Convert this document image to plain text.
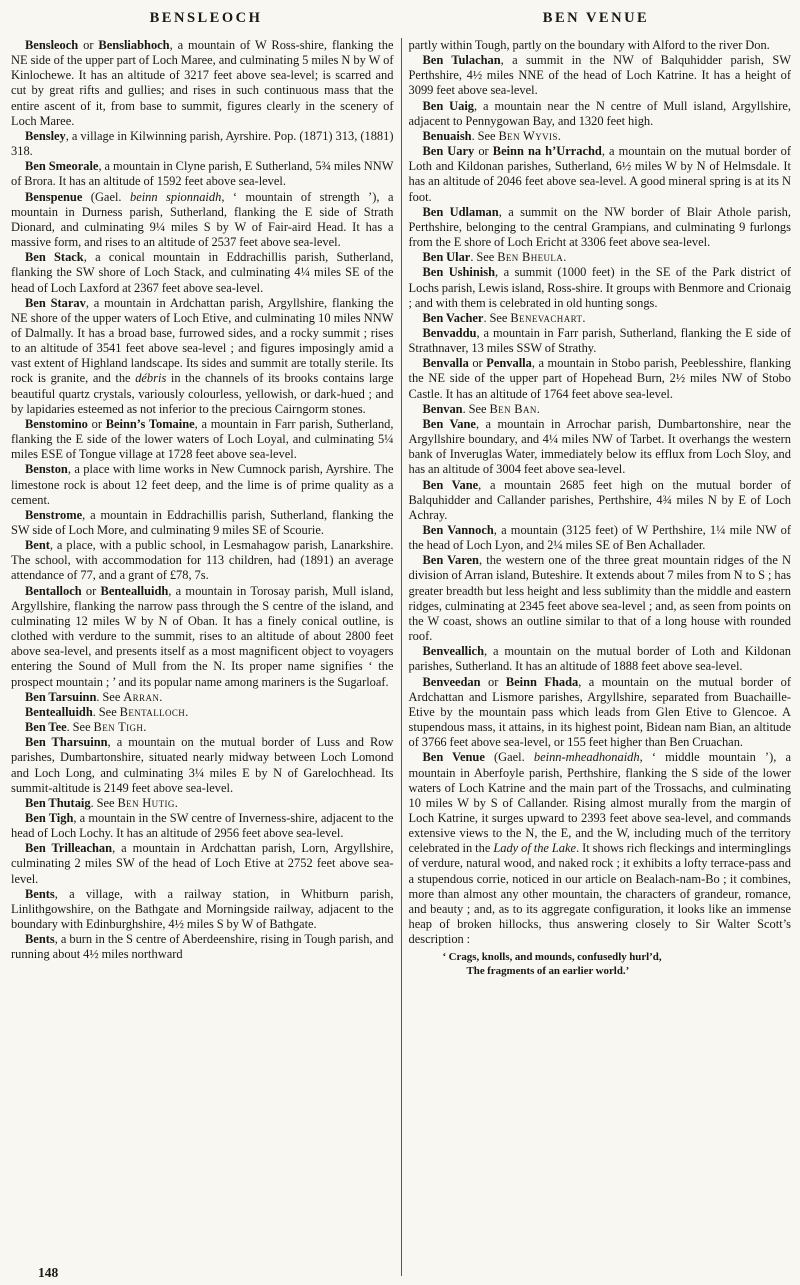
BENSLEOCH	BEN VENUE

Bensleoch or Bensliabhoch, a mountain of W Ross-shire, flanking the NE side of the upper part of Loch Maree, and culminating 5 miles N by W of Kinlochewe. It has an altitude of 3217 feet above sea-level; is scarred and cut by great rifts and gullies; and rises in such continuous mass that the entire ascent of it, from base to summit, figures clearly in the scenery of Loch Maree.

Bensley, a village in Kilwinning parish, Ayrshire. Pop. (1871) 313, (1881) 318.

Ben Smeorale, a mountain in Clyne parish, E Sutherland, 5¾ miles NNW of Brora. It has an altitude of 1592 feet above sea-level.

Benspenue (Gael. beinn spionnaidh, ‘ mountain of strength ’), a mountain in Durness parish, Sutherland, flanking the E side of Strath Dionard, and culminating 9¼ miles S by W of Fair-aird Head. It has a massive form, and rises to an altitude of 2537 feet above sea-level.

Ben Stack, a conical mountain in Eddrachillis parish, Sutherland, flanking the SW shore of Loch Stack, and culminating 4¼ miles SE of the head of Loch Laxford at 2367 feet above sea-level.

Ben Starav, a mountain in Ardchattan parish, Argyllshire, flanking the NE shore of the upper waters of Loch Etive, and culminating 10 miles NNW of Dalmally. It has a broad base, furrowed sides, and a rocky summit ; rises to an altitude of 3541 feet above sea-level ; and figures imposingly amid a vast extent of Highland landscape. Its sides and summit are totally sterile. Its rock is granite, and the débris in the channels of its brooks contains large beautiful quartz crystals, variously colourless, yellowish, or dark-hued ; and by lapidaries esteemed as not inferior to the precious Cairngorm stones.

Benstomino or Beinn’s Tomaine, a mountain in Farr parish, Sutherland, flanking the E side of the lower waters of Loch Loyal, and culminating 5¼ miles ESE of Tongue village at 1728 feet above sea-level.

Benston, a place with lime works in New Cumnock parish, Ayrshire. The limestone rock is about 12 feet deep, and the lime is of prime quality as a cement.

Benstrome, a mountain in Eddrachillis parish, Sutherland, flanking the SW side of Loch More, and culminating 9 miles SE of Scourie.

Bent, a place, with a public school, in Lesmahagow parish, Lanarkshire. The school, with accommodation for 113 children, had (1891) an average attendance of 77, and a grant of £78, 7s.

Bentalloch or Bentealluidh, a mountain in Torosay parish, Mull island, Argyllshire, flanking the narrow pass through the S centre of the island, and culminating 12 miles W by N of Oban. It has a finely conical outline, is clothed with verdure to the summit, rises to an altitude of about 2800 feet above sea-level, and presents itself as a most magnificent object to voyagers entering the Sound of Mull from the N. Its proper name signifies ‘ the prospect mountain ; ’ and its popular name among mariners is the Sugarloaf.

Ben Tarsuinn. See Arran.

Bentealluidh. See Bentalloch.

Ben Tee. See Ben Tigh.

Ben Tharsuinn, a mountain on the mutual border of Luss and Row parishes, Dumbartonshire, situated nearly midway between Loch Lomond and Loch Long, and culminating 3¼ miles E by N of Garelochhead. Its summit-altitude is 2149 feet above sea-level.

Ben Thutaig. See Ben Hutig.

Ben Tigh, a mountain in the SW centre of Inverness-shire, adjacent to the head of Loch Lochy. It has an altitude of 2956 feet above sea-level.

Ben Trilleachan, a mountain in Ardchattan parish, Lorn, Argyllshire, culminating 2 miles SW of the head of Loch Etive at 2752 feet above sea-level.

Bents, a village, with a railway station, in Whitburn parish, Linlithgowshire, on the Bathgate and Morningside railway, adjacent to the boundary with Edinburghshire, 4½ miles S by W of Bathgate.

Bents, a burn in the S centre of Aberdeenshire, rising in Tough parish, and running about 4½ miles northward

partly within Tough, partly on the boundary with Alford to the river Don.

Ben Tulachan, a summit in the NW of Balquhidder parish, SW Perthshire, 4½ miles NNE of the head of Loch Katrine. It has a height of 3099 feet above sea-level.

Ben Uaig, a mountain near the N centre of Mull island, Argyllshire, adjacent to Pennygowan Bay, and 1320 feet high.

Benuaish. See Ben Wyvis.

Ben Uary or Beinn na h’Urrachd, a mountain on the mutual border of Loth and Kildonan parishes, Sutherland, 6½ miles W by N of Helmsdale. It has an altitude of 2046 feet above sea-level. A good mineral spring is at its N foot.

Ben Udlaman, a summit on the NW border of Blair Athole parish, Perthshire, belonging to the central Grampians, and culminating 9 furlongs from the E shore of Loch Ericht at 3306 feet above sea-level.

Ben Ular. See Ben Bheula.

Ben Ushinish, a summit (1000 feet) in the SE of the Park district of Lochs parish, Lewis island, Ross-shire. It groups with Benmore and Crionaig ; and with them is celebrated in old hunting songs.

Ben Vacher. See Benevachart.

Benvaddu, a mountain in Farr parish, Sutherland, flanking the E side of Strathnaver, 13 miles SSW of Strathy.

Benvalla or Penvalla, a mountain in Stobo parish, Peeblesshire, flanking the NE side of the upper part of Hopehead Burn, 2½ miles NW of Stobo Castle. It has an altitude of 1764 feet above sea-level.

Benvan. See Ben Ban.

Ben Vane, a mountain in Arrochar parish, Dumbartonshire, near the Argyllshire boundary, and 4¼ miles NW of Tarbet. It overhangs the western bank of Inveruglas Water, immediately below its efflux from Loch Sloy, and has an altitude of 3004 feet above sea-level.

Ben Vane, a mountain 2685 feet high on the mutual border of Balquhidder and Callander parishes, Perthshire, 4¾ miles N by E of Loch Achray.

Ben Vannoch, a mountain (3125 feet) of W Perthshire, 1¼ mile NW of the head of Loch Lyon, and 2¼ miles SE of Ben Achallader.

Ben Varen, the western one of the three great mountain ridges of the N division of Arran island, Buteshire. It extends about 7 miles from N to S ; has greater breadth but less height and less sublimity than the middle and eastern ridges, culminating at 2345 feet above sea-level ; and, as seen from points on the W coast, shows an outline similar to that of a long house with rounded roof.

Benveallich, a mountain on the mutual border of Loth and Kildonan parishes, Sutherland. It has an altitude of 1888 feet above sea-level.

Benveedan or Beinn Fhada, a mountain on the mutual border of Ardchattan and Lismore parishes, Argyllshire, separated from Buachaille-Etive by the mountain pass which leads from Glen Etive to Glencoe. A stupendous mass, it attains, in its highest point, Bidean nam Bian, an altitude of 3766 feet above sea-level, or 155 feet higher than Ben Cruachan.

Ben Venue (Gael. beinn-mheadhonaidh, ‘ middle mountain ’), a mountain in Aberfoyle parish, Perthshire, flanking the S side of the lower waters of Loch Katrine and the main part of the Trossachs, and culminating 10 miles W by S of Callander. Rising almost murally from the margin of Loch Katrine, it surges upward to 2393 feet above sea-level, and commands extensive views to the N, the E, and the W, including much of the territory celebrated in the Lady of the Lake. It shows rich fleckings and interminglings of verdure, natural wood, and naked rock ; it exhibits a lofty terrace-pass and a stupendous corrie, noticed in our article on Bealach-nam-Bo ; it combines, more than almost any other mountain, the characters of grandeur, romance, and beauty ; and, as to its aggregate configuration, it looks like an immense heap of broken hillocks, thus answering closely to Sir Walter Scott’s description :

‘ Crags, knolls, and mounds, confusedly hurl’d,
The fragments of an earlier world.’
148
